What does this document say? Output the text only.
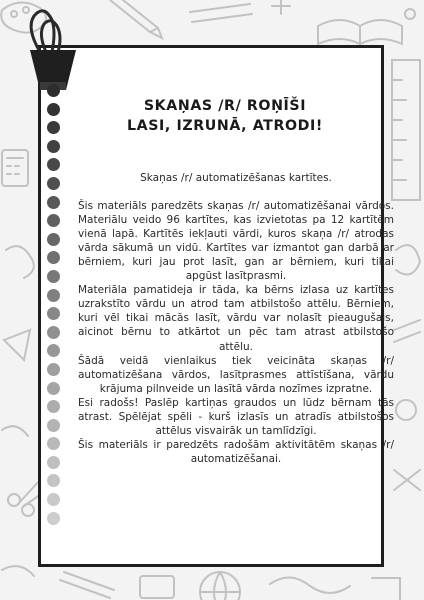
SKAŅAS /R/ ROŅĪŠI
LASI, IZRUNĀ, ATRODI!

Skaņas /r/ automatizēšanas kartītes.

Šis materiāls paredzēts skaņas /r/ automatizēšanai vārdos. Materiālu veido 96 kartītes, kas izvietotas pa 12 kartītēm vienā lapā. Kartītēs iekļauti vārdi, kuros skaņa /r/ atrodas vārda sākumā un vidū. Kartītes var izmantot gan darbā ar bērniem, kuri jau prot lasīt, gan ar bērniem, kuri tikai apgūst lasītprasmi.

Materiāla pamatideja ir tāda, ka bērns izlasa uz kartītes uzrakstīto vārdu un atrod tam atbilstošo attēlu. Bērniem, kuri vēl tikai mācās lasīt, vārdu var nolasīt pieaugušais, aicinot bērnu to atkārtot un pēc tam atrast atbilstošo attēlu.

Šādā veidā vienlaikus tiek veicināta skaņas /r/ automatizēšana vārdos, lasītprasmes attīstīšana, vārdu krājuma pilnveide un lasītā vārda nozīmes izpratne.

Esi radošs! Paslēp kartiņas graudos un lūdz bērnam tās atrast. Spēlējat spēli - kurš izlasīs un atradīs atbilstošos attēlus visvairāk un tamlīdzīgi.

Šis materiāls ir paredzēts radošām aktivitātēm skaņas /r/ automatizēšanai.
